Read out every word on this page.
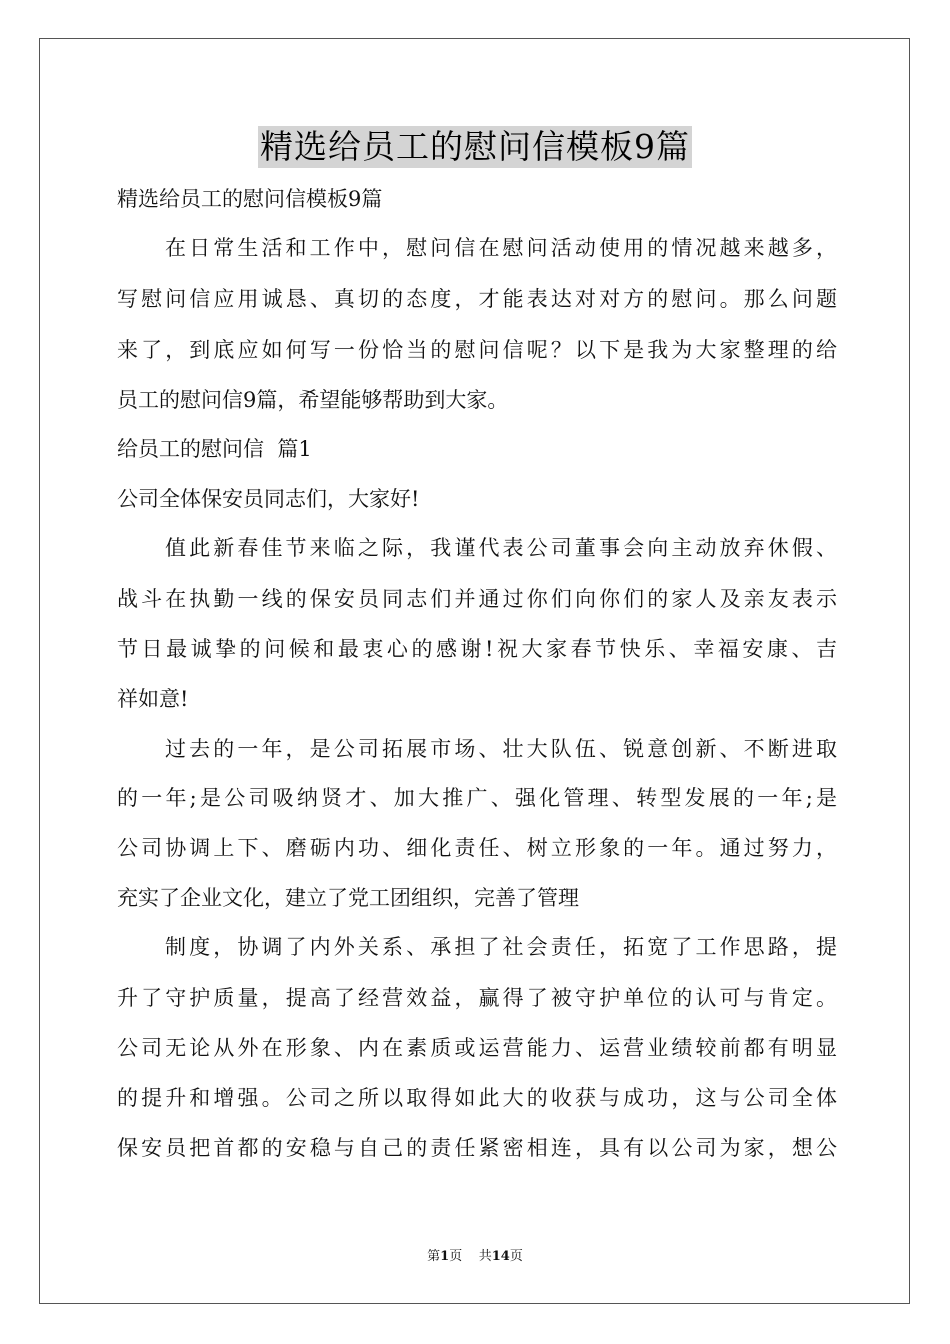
精选给员工的慰问信模板9篇
精选给员工的慰问信模板9篇
在日常生活和工作中，慰问信在慰问活动使用的情况越来越多，
写慰问信应用诚恳、真切的态度，才能表达对对方的慰问。那么问题
来了，到底应如何写一份恰当的慰问信呢？以下是我为大家整理的给
员工的慰问信9篇，希望能够帮助到大家。
给员工的慰问信  篇1
公司全体保安员同志们，大家好!
值此新春佳节来临之际，我谨代表公司董事会向主动放弃休假、
战斗在执勤一线的保安员同志们并通过你们向你们的家人及亲友表示
节日最诚挚的问候和最衷心的感谢!祝大家春节快乐、幸福安康、吉
祥如意!
过去的一年，是公司拓展市场、壮大队伍、锐意创新、不断进取
的一年;是公司吸纳贤才、加大推广、强化管理、转型发展的一年;是
公司协调上下、磨砺内功、细化责任、树立形象的一年。通过努力，
充实了企业文化，建立了党工团组织，完善了管理
制度，协调了内外关系、承担了社会责任，拓宽了工作思路，提
升了守护质量，提高了经营效益，赢得了被守护单位的认可与肯定。
公司无论从外在形象、内在素质或运营能力、运营业绩较前都有明显
的提升和增强。公司之所以取得如此大的收获与成功，这与公司全体
保安员把首都的安稳与自己的责任紧密相连，具有以公司为家，想公
第1页    共14页
